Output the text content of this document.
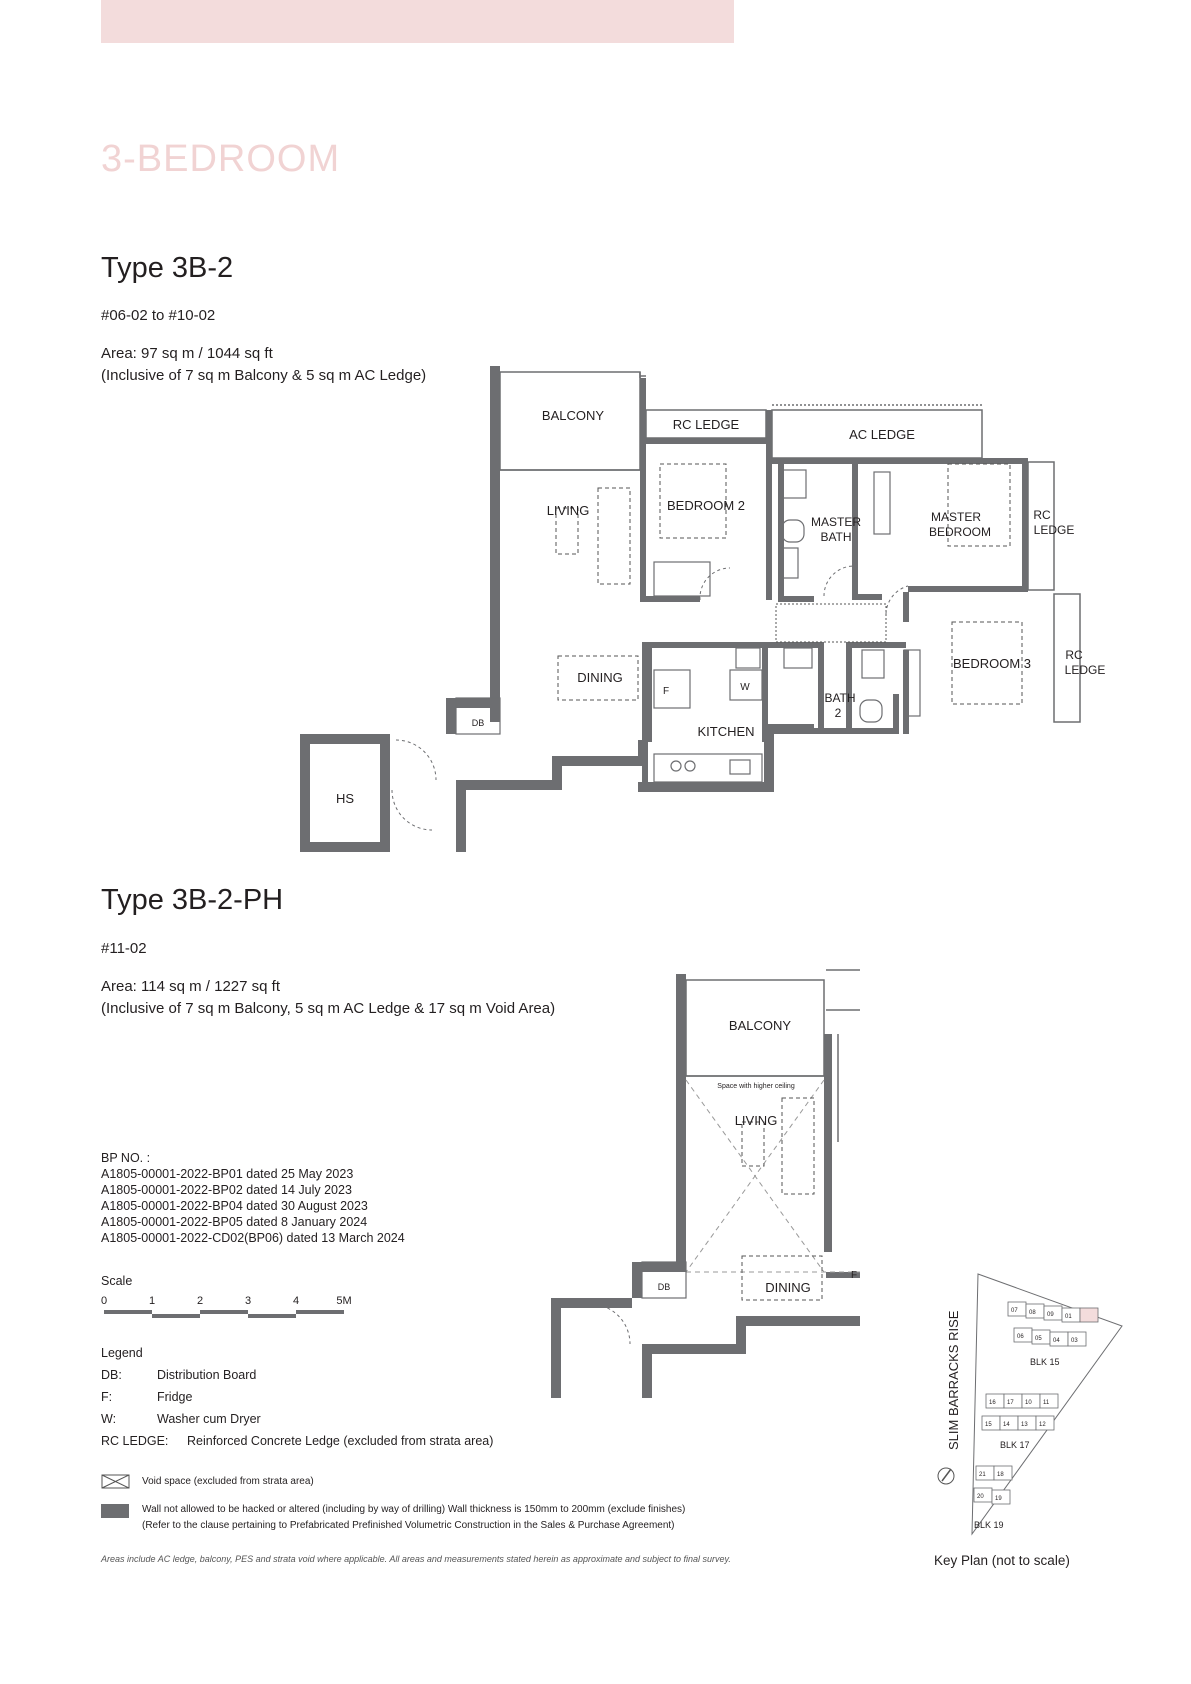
3-BEDROOM
Type 3B-2
#06-02 to #10-02
Area: 97 sq m / 1044 sq ft
(Inclusive of 7 sq m Balcony & 5 sq m AC Ledge)
BALCONY
RC LEDGE
AC LEDGE
LIVING	BEDROOM 2
MASTER
BATH
MASTER
BEDROOM
RC
LEDGE
DINING
F	W
BATH
2
BEDROOM 3
RC
LEDGE
DB
KITCHEN
HS
Type 3B-2-PH
#11-02
Area: 114 sq m / 1227 sq ft
(Inclusive of 7 sq m Balcony, 5 sq m AC Ledge & 17 sq m Void Area)
BALCONY
Space with higher ceiling
LIVING
DINING
F
DB
BP NO. :
A1805-00001-2022-BP01 dated 25 May 2023
A1805-00001-2022-BP02 dated 14 July 2023
A1805-00001-2022-BP04 dated 30 August 2023
A1805-00001-2022-BP05 dated 8 January 2024
A1805-00001-2022-CD02(BP06) dated 13 March 2024
Scale
0	1	2	3	4	5M
Legend
DB:	Distribution Board
F:	Fridge
W:	Washer cum Dryer
RC LEDGE: Reinforced Concrete Ledge (excluded from strata area)
Void space (excluded from strata area)
Wall not allowed to be hacked or altered (including by way of drilling) Wall thickness is 150mm to 200mm (exclude finishes)
(Refer to the clause pertaining to Prefabricated Prefinished Volumetric Construction in the Sales & Purchase Agreement)
Areas include AC ledge, balcony, PES and strata void where applicable. All areas and measurements stated herein as approximate and subject to final survey.
SLIM BARRACKS RISE	07 08 09 01
06 05 04 03
16 17 10 11
15 14 13 12
21 18
20 19
BLK 15
BLK 17
BLK 19
Key Plan (not to scale)
